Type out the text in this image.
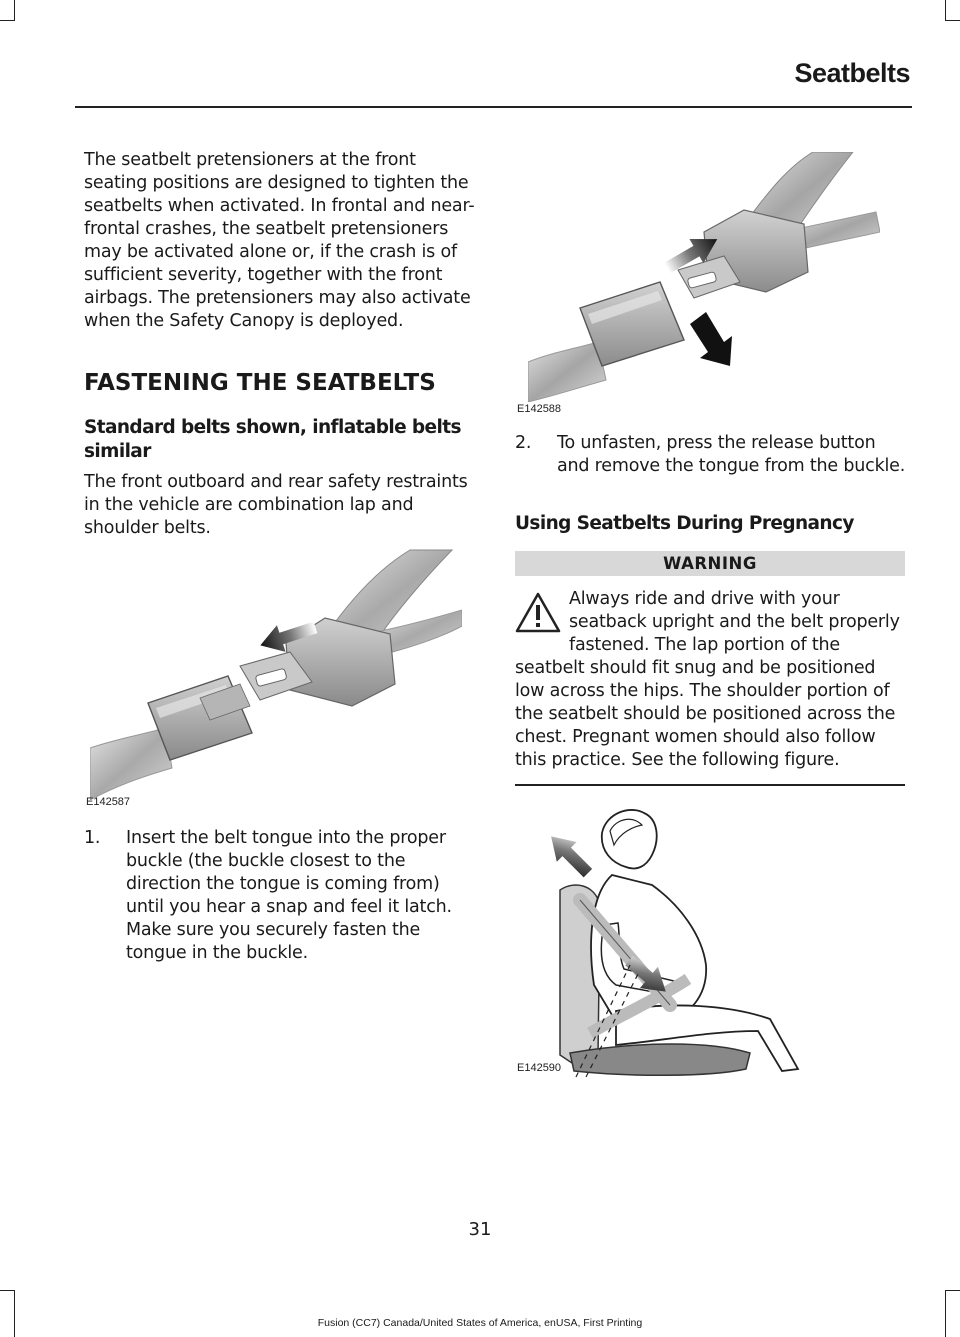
Seatbelts

The seatbelt pretensioners at the front seating positions are designed to tighten the seatbelts when activated. In frontal and near-frontal crashes, the seatbelt pretensioners may be activated alone or, if the crash is of sufficient severity, together with the front airbags. The pretensioners may also activate when the Safety Canopy is deployed.

FASTENING THE SEATBELTS
Standard belts shown, inflatable belts similar

The front outboard and rear safety restraints in the vehicle are combination lap and shoulder belts.

E142587
1. Insert the belt tongue into the proper buckle (the buckle closest to the direction the tongue is coming from) until you hear a snap and feel it latch. Make sure you securely fasten the tongue in the buckle.
E142588
2. To unfasten, press the release button and remove the tongue from the buckle.
Using Seatbelts During Pregnancy
WARNING
Always ride and drive with your seatback upright and the belt properly fastened. The lap portion of the seatbelt should fit snug and be positioned low across the hips. The shoulder portion of the seatbelt should be positioned across the chest. Pregnant women should also follow this practice. See the following figure.
E142590
31
Fusion (CC7) Canada/United States of America, enUSA, First Printing
